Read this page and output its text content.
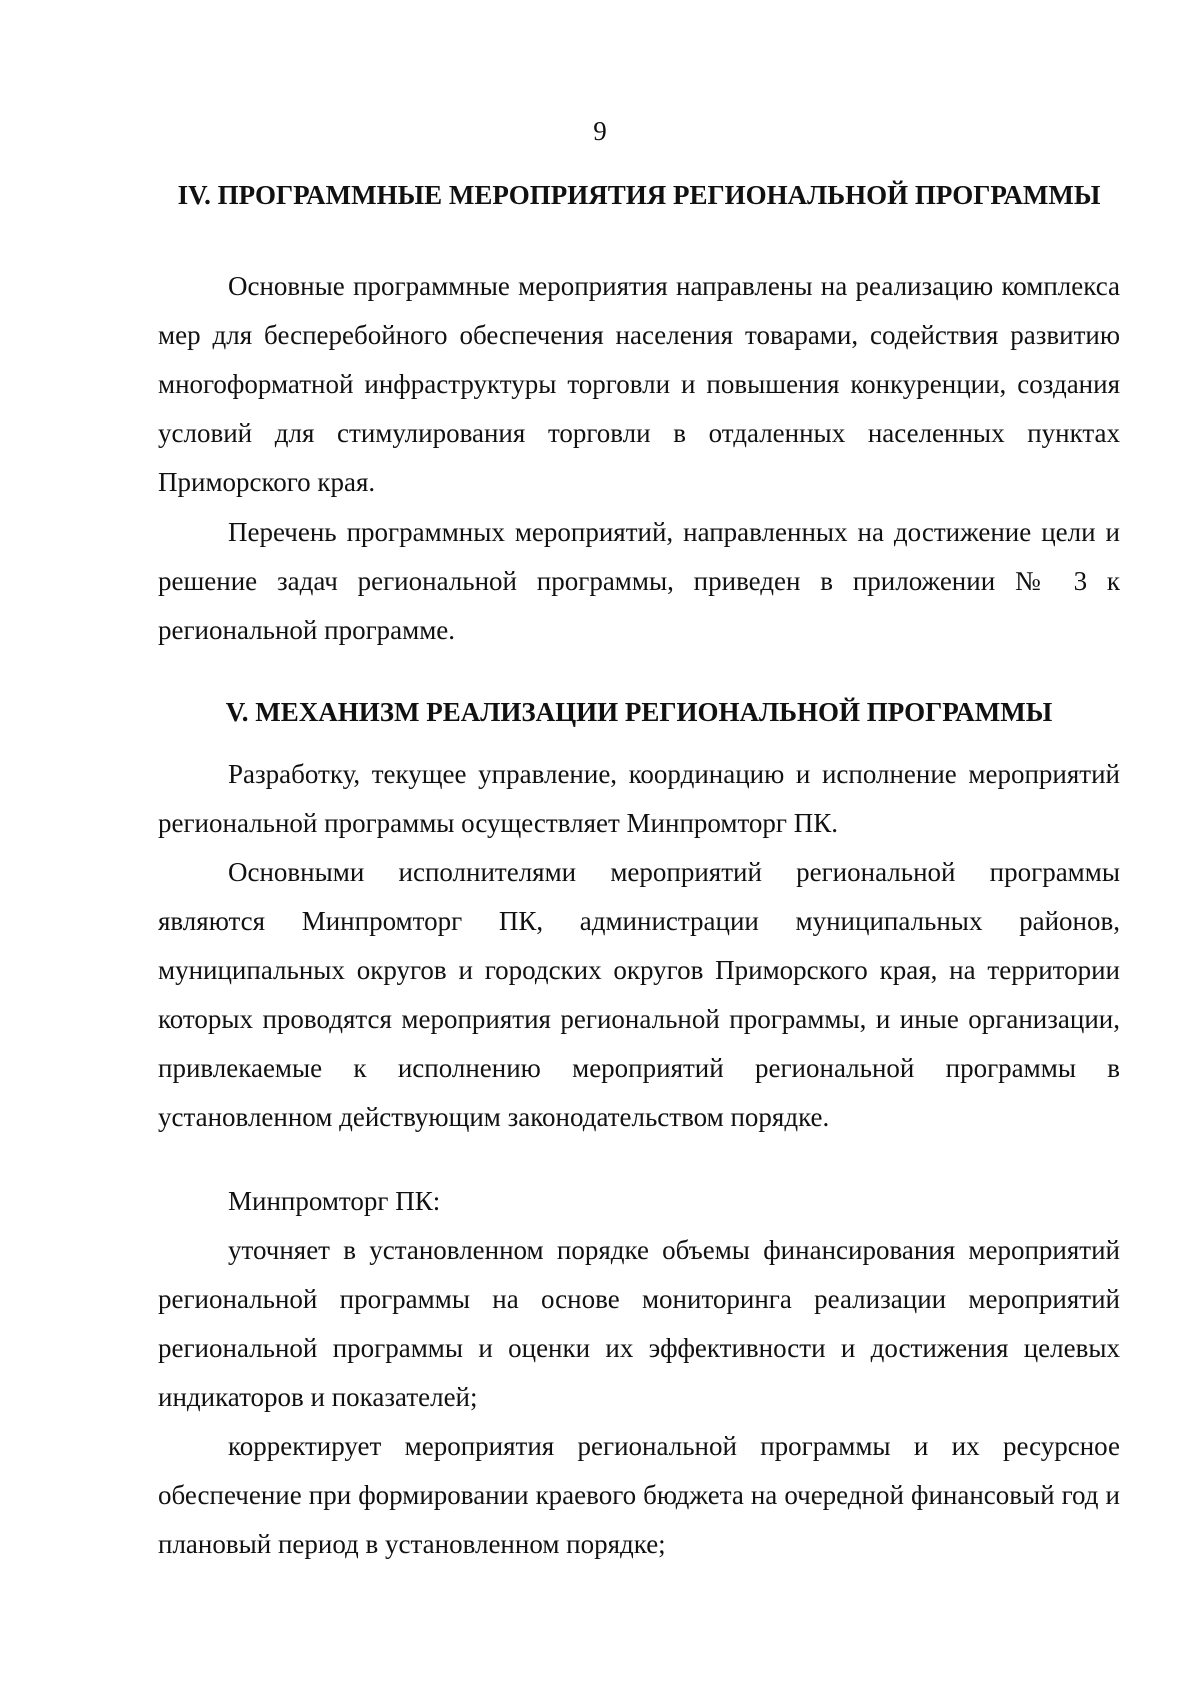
9
IV. ПРОГРАММНЫЕ МЕРОПРИЯТИЯ РЕГИОНАЛЬНОЙ ПРОГРАММЫ

Основные программные мероприятия направлены на реализацию комплекса мер для бесперебойного обеспечения населения товарами, содействия развитию многоформатной инфраструктуры торговли и повышения конкуренции, создания условий для стимулирования торговли в отдаленных населенных пунктах Приморского края.

Перечень программных мероприятий, направленных на достижение цели и решение задач региональной программы, приведен в приложении № 3 к региональной программе.

V. МЕХАНИЗМ РЕАЛИЗАЦИИ РЕГИОНАЛЬНОЙ ПРОГРАММЫ

Разработку, текущее управление, координацию и исполнение мероприятий региональной программы осуществляет Минпромторг ПК.

Основными исполнителями мероприятий региональной программы являются Минпромторг ПК, администрации муниципальных районов, муниципальных округов и городских округов Приморского края, на территории которых проводятся мероприятия региональной программы, и иные организации, привлекаемые к исполнению мероприятий региональной программы в установленном действующим законодательством порядке.

Минпромторг ПК:

уточняет в установленном порядке объемы финансирования мероприятий региональной программы на основе мониторинга реализации мероприятий региональной программы и оценки их эффективности и достижения целевых индикаторов и показателей;

корректирует мероприятия региональной программы и их ресурсное обеспечение при формировании краевого бюджета на очередной финансовый год и плановый период в установленном порядке;
